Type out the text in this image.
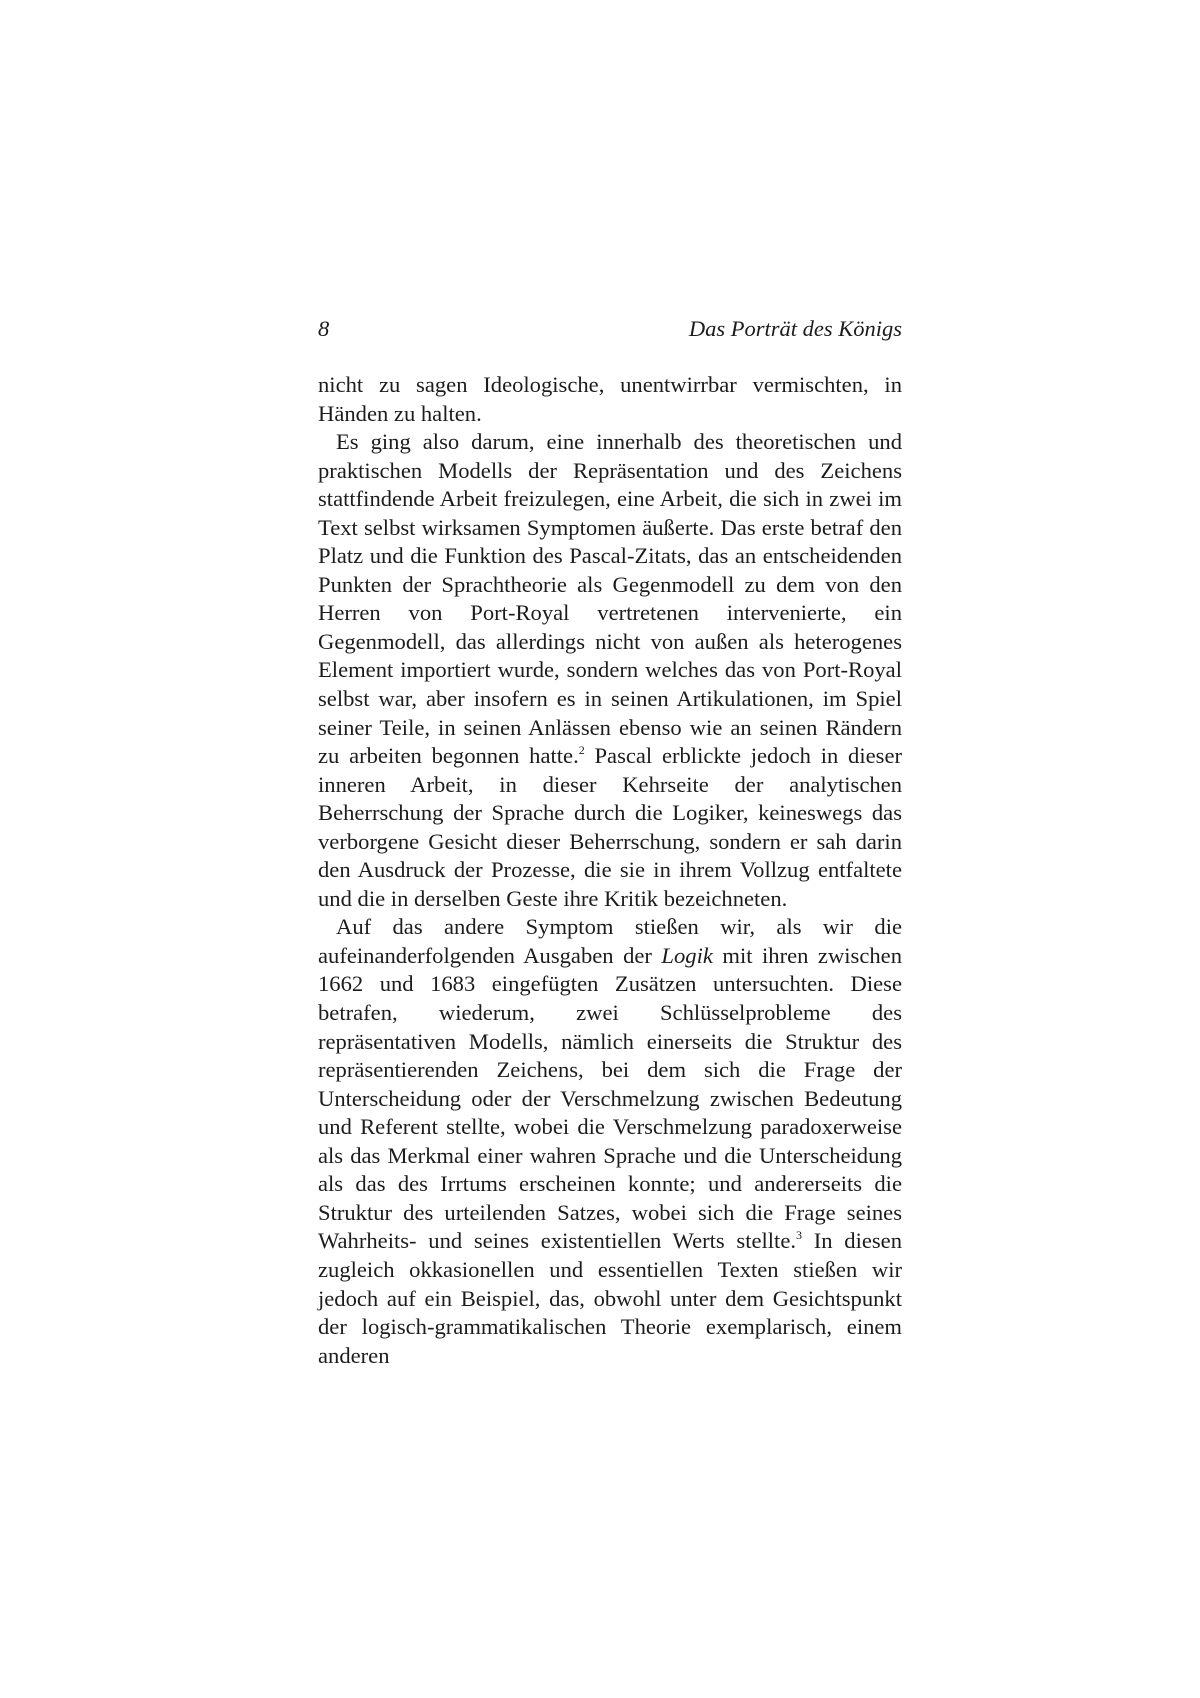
8	Das Porträt des Königs

nicht zu sagen Ideologische, unentwirrbar vermischten, in Händen zu halten.

Es ging also darum, eine innerhalb des theoretischen und praktischen Modells der Repräsentation und des Zeichens stattfindende Arbeit freizulegen, eine Arbeit, die sich in zwei im Text selbst wirksamen Symptomen äußerte. Das erste betraf den Platz und die Funktion des Pascal-Zitats, das an entscheidenden Punkten der Sprachtheorie als Gegenmodell zu dem von den Herren von Port-Royal vertretenen intervenierte, ein Gegenmodell, das allerdings nicht von außen als heterogenes Element importiert wurde, sondern welches das von Port-Royal selbst war, aber insofern es in seinen Artikulationen, im Spiel seiner Teile, in seinen Anlässen ebenso wie an seinen Rändern zu arbeiten begonnen hatte.$^2$ Pascal erblickte jedoch in dieser inneren Arbeit, in dieser Kehrseite der analytischen Beherrschung der Sprache durch die Logiker, keineswegs das verborgene Gesicht dieser Beherrschung, sondern er sah darin den Ausdruck der Prozesse, die sie in ihrem Vollzug entfaltete und die in derselben Geste ihre Kritik bezeichneten.

Auf das andere Symptom stießen wir, als wir die aufeinanderfolgenden Ausgaben der Logik mit ihren zwischen 1662 und 1683 eingefügten Zusätzen untersuchten. Diese betrafen, wiederum, zwei Schlüsselprobleme des repräsentativen Modells, nämlich einerseits die Struktur des repräsentierenden Zeichens, bei dem sich die Frage der Unterscheidung oder der Verschmelzung zwischen Bedeutung und Referent stellte, wobei die Verschmelzung paradoxerweise als das Merkmal einer wahren Sprache und die Unterscheidung als das des Irrtums erscheinen konnte; und andererseits die Struktur des urteilenden Satzes, wobei sich die Frage seines Wahrheits- und seines existentiellen Werts stellte.$^3$ In diesen zugleich okkasionellen und essentiellen Texten stießen wir jedoch auf ein Beispiel, das, obwohl unter dem Gesichtspunkt der logisch-grammatikalischen Theorie exemplarisch, einem anderen
